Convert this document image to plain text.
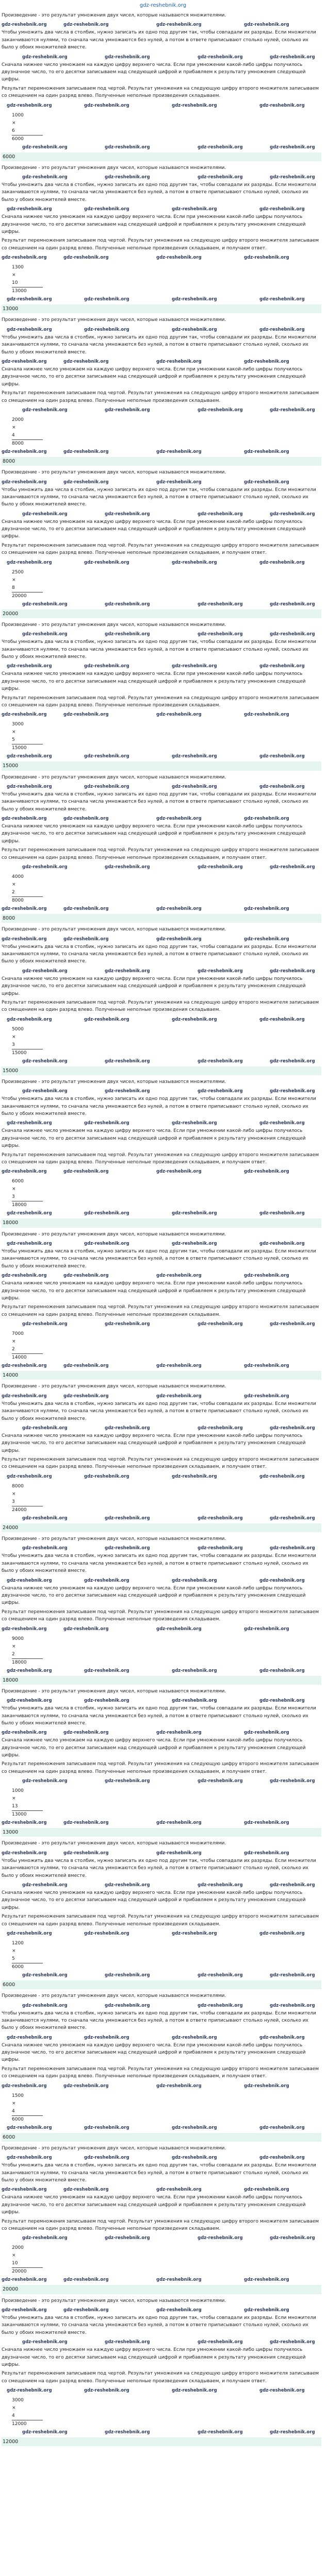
gdz-reshebnik.org

Произведение - это результат умножения двух чисел, которые называются множителями.

gdz-reshebnik.org	gdz-reshebnik.org	gdz-reshebnik.org	gdz-reshebnik.org

Чтобы умножить два числа в столбик, нужно записать их одно под другим так, чтобы совпадали их разряды. Если множители заканчиваются нулями, то сначала числа умножаются без нулей, а потом в ответе приписывают столько нулей, сколько их было у обоих множителей вместе.

gdz-reshebnik.org	gdz-reshebnik.org	gdz-reshebnik.org	gdz-reshebnik.org

Сначала нижнее число умножаем на каждую цифру верхнего числа. Если при умножении какой-либо цифры получилось двузначное число, то его десятки записываем над следующей цифрой и прибавляем к результату умножения следующей цифры.

Результат перемножения записываем под чертой. Результат умножения на следующую цифру второго множителя записываем со смещением на один разряд влево. Полученные неполные произведения складываем.

gdz-reshebnik.org	gdz-reshebnik.org	gdz-reshebnik.org	gdz-reshebnik.org
1000
×
6
6000
gdz-reshebnik.org	gdz-reshebnik.org	gdz-reshebnik.org	gdz-reshebnik.org
6000

Произведение - это результат умножения двух чисел, которые называются множителями.

gdz-reshebnik.org	gdz-reshebnik.org	gdz-reshebnik.org	gdz-reshebnik.org

Чтобы умножить два числа в столбик, нужно записать их одно под другим так, чтобы совпадали их разряды. Если множители заканчиваются нулями, то сначала числа умножаются без нулей, а потом в ответе приписывают столько нулей, сколько их было у обоих множителей вместе.

gdz-reshebnik.org	gdz-reshebnik.org	gdz-reshebnik.org	gdz-reshebnik.org

Сначала нижнее число умножаем на каждую цифру верхнего числа. Если при умножении какой-либо цифры получилось двузначное число, то его десятки записываем над следующей цифрой и прибавляем к результату умножения следующей цифры.

Результат перемножения записываем под чертой. Результат умножения на следующую цифру второго множителя записываем со смещением на один разряд влево. Полученные неполные произведения складываем, и получаем ответ.

gdz-reshebnik.org	gdz-reshebnik.org	gdz-reshebnik.org	gdz-reshebnik.org
1300
×
10
13000
gdz-reshebnik.org	gdz-reshebnik.org	gdz-reshebnik.org	gdz-reshebnik.org
13000

Произведение - это результат умножения двух чисел, которые называются множителями.

gdz-reshebnik.org	gdz-reshebnik.org	gdz-reshebnik.org	gdz-reshebnik.org

Чтобы умножить два числа в столбик, нужно записать их одно под другим так, чтобы совпадали их разряды. Если множители заканчиваются нулями, то сначала числа умножаются без нулей, а потом в ответе приписывают столько нулей, сколько их было у обоих множителей вместе.

gdz-reshebnik.org	gdz-reshebnik.org	gdz-reshebnik.org	gdz-reshebnik.org

Сначала нижнее число умножаем на каждую цифру верхнего числа. Если при умножении какой-либо цифры получилось двузначное число, то его десятки записываем над следующей цифрой и прибавляем к результату умножения следующей цифры.

Результат перемножения записываем под чертой. Результат умножения на следующую цифру второго множителя записываем со смещением на один разряд влево. Полученные неполные произведения складываем.

gdz-reshebnik.org	gdz-reshebnik.org	gdz-reshebnik.org	gdz-reshebnik.org
2000
×
4
8000
gdz-reshebnik.org	gdz-reshebnik.org	gdz-reshebnik.org	gdz-reshebnik.org
8000

Произведение - это результат умножения двух чисел, которые называются множителями.

gdz-reshebnik.org	gdz-reshebnik.org	gdz-reshebnik.org	gdz-reshebnik.org

Чтобы умножить два числа в столбик, нужно записать их одно под другим так, чтобы совпадали их разряды. Если множители заканчиваются нулями, то сначала числа умножаются без нулей, а потом в ответе приписывают столько нулей, сколько их было у обоих множителей вместе.

gdz-reshebnik.org	gdz-reshebnik.org	gdz-reshebnik.org	gdz-reshebnik.org

Сначала нижнее число умножаем на каждую цифру верхнего числа. Если при умножении какой-либо цифры получилось двузначное число, то его десятки записываем над следующей цифрой и прибавляем к результату умножения следующей цифры.

Результат перемножения записываем под чертой. Результат умножения на следующую цифру второго множителя записываем со смещением на один разряд влево. Полученные неполные произведения складываем, и получаем ответ.

gdz-reshebnik.org	gdz-reshebnik.org	gdz-reshebnik.org	gdz-reshebnik.org
2500
×
8
20000
gdz-reshebnik.org	gdz-reshebnik.org	gdz-reshebnik.org	gdz-reshebnik.org
20000

Произведение - это результат умножения двух чисел, которые называются множителями.

gdz-reshebnik.org	gdz-reshebnik.org	gdz-reshebnik.org	gdz-reshebnik.org

Чтобы умножить два числа в столбик, нужно записать их одно под другим так, чтобы совпадали их разряды. Если множители заканчиваются нулями, то сначала числа умножаются без нулей, а потом в ответе приписывают столько нулей, сколько их было у обоих множителей вместе.

gdz-reshebnik.org	gdz-reshebnik.org	gdz-reshebnik.org	gdz-reshebnik.org

Сначала нижнее число умножаем на каждую цифру верхнего числа. Если при умножении какой-либо цифры получилось двузначное число, то его десятки записываем над следующей цифрой и прибавляем к результату умножения следующей цифры.

Результат перемножения записываем под чертой. Результат умножения на следующую цифру второго множителя записываем со смещением на один разряд влево. Полученные неполные произведения складываем.

gdz-reshebnik.org	gdz-reshebnik.org	gdz-reshebnik.org	gdz-reshebnik.org
3000
×
5
15000
gdz-reshebnik.org	gdz-reshebnik.org	gdz-reshebnik.org	gdz-reshebnik.org
15000

Произведение - это результат умножения двух чисел, которые называются множителями.

gdz-reshebnik.org	gdz-reshebnik.org	gdz-reshebnik.org	gdz-reshebnik.org

Чтобы умножить два числа в столбик, нужно записать их одно под другим так, чтобы совпадали их разряды. Если множители заканчиваются нулями, то сначала числа умножаются без нулей, а потом в ответе приписывают столько нулей, сколько их было у обоих множителей вместе.

gdz-reshebnik.org	gdz-reshebnik.org	gdz-reshebnik.org	gdz-reshebnik.org

Сначала нижнее число умножаем на каждую цифру верхнего числа. Если при умножении какой-либо цифры получилось двузначное число, то его десятки записываем над следующей цифрой и прибавляем к результату умножения следующей цифры.

Результат перемножения записываем под чертой. Результат умножения на следующую цифру второго множителя записываем со смещением на один разряд влево. Полученные неполные произведения складываем, и получаем ответ.

gdz-reshebnik.org	gdz-reshebnik.org	gdz-reshebnik.org	gdz-reshebnik.org
4000
×
2
8000
gdz-reshebnik.org	gdz-reshebnik.org	gdz-reshebnik.org	gdz-reshebnik.org
8000

Произведение - это результат умножения двух чисел, которые называются множителями.

gdz-reshebnik.org	gdz-reshebnik.org	gdz-reshebnik.org	gdz-reshebnik.org

Чтобы умножить два числа в столбик, нужно записать их одно под другим так, чтобы совпадали их разряды. Если множители заканчиваются нулями, то сначала числа умножаются без нулей, а потом в ответе приписывают столько нулей, сколько их было у обоих множителей вместе.

gdz-reshebnik.org	gdz-reshebnik.org	gdz-reshebnik.org	gdz-reshebnik.org

Сначала нижнее число умножаем на каждую цифру верхнего числа. Если при умножении какой-либо цифры получилось двузначное число, то его десятки записываем над следующей цифрой и прибавляем к результату умножения следующей цифры.

Результат перемножения записываем под чертой. Результат умножения на следующую цифру второго множителя записываем со смещением на один разряд влево. Полученные неполные произведения складываем.

gdz-reshebnik.org	gdz-reshebnik.org	gdz-reshebnik.org	gdz-reshebnik.org
5000
×
3
15000
gdz-reshebnik.org	gdz-reshebnik.org	gdz-reshebnik.org	gdz-reshebnik.org
15000

Произведение - это результат умножения двух чисел, которые называются множителями.

gdz-reshebnik.org	gdz-reshebnik.org	gdz-reshebnik.org	gdz-reshebnik.org

Чтобы умножить два числа в столбик, нужно записать их одно под другим так, чтобы совпадали их разряды. Если множители заканчиваются нулями, то сначала числа умножаются без нулей, а потом в ответе приписывают столько нулей, сколько их было у обоих множителей вместе.

gdz-reshebnik.org	gdz-reshebnik.org	gdz-reshebnik.org	gdz-reshebnik.org

Сначала нижнее число умножаем на каждую цифру верхнего числа. Если при умножении какой-либо цифры получилось двузначное число, то его десятки записываем над следующей цифрой и прибавляем к результату умножения следующей цифры.

Результат перемножения записываем под чертой. Результат умножения на следующую цифру второго множителя записываем со смещением на один разряд влево. Полученные неполные произведения складываем, и получаем ответ.

gdz-reshebnik.org	gdz-reshebnik.org	gdz-reshebnik.org	gdz-reshebnik.org
6000
×
3
18000
gdz-reshebnik.org	gdz-reshebnik.org	gdz-reshebnik.org	gdz-reshebnik.org
18000

Произведение - это результат умножения двух чисел, которые называются множителями.

gdz-reshebnik.org	gdz-reshebnik.org	gdz-reshebnik.org	gdz-reshebnik.org

Чтобы умножить два числа в столбик, нужно записать их одно под другим так, чтобы совпадали их разряды. Если множители заканчиваются нулями, то сначала числа умножаются без нулей, а потом в ответе приписывают столько нулей, сколько их было у обоих множителей вместе.

gdz-reshebnik.org	gdz-reshebnik.org	gdz-reshebnik.org	gdz-reshebnik.org

Сначала нижнее число умножаем на каждую цифру верхнего числа. Если при умножении какой-либо цифры получилось двузначное число, то его десятки записываем над следующей цифрой и прибавляем к результату умножения следующей цифры.

Результат перемножения записываем под чертой. Результат умножения на следующую цифру второго множителя записываем со смещением на один разряд влево. Полученные неполные произведения складываем.

gdz-reshebnik.org	gdz-reshebnik.org	gdz-reshebnik.org	gdz-reshebnik.org
7000
×
2
14000
gdz-reshebnik.org	gdz-reshebnik.org	gdz-reshebnik.org	gdz-reshebnik.org
14000

Произведение - это результат умножения двух чисел, которые называются множителями.

gdz-reshebnik.org	gdz-reshebnik.org	gdz-reshebnik.org	gdz-reshebnik.org

Чтобы умножить два числа в столбик, нужно записать их одно под другим так, чтобы совпадали их разряды. Если множители заканчиваются нулями, то сначала числа умножаются без нулей, а потом в ответе приписывают столько нулей, сколько их было у обоих множителей вместе.

gdz-reshebnik.org	gdz-reshebnik.org	gdz-reshebnik.org	gdz-reshebnik.org

Сначала нижнее число умножаем на каждую цифру верхнего числа. Если при умножении какой-либо цифры получилось двузначное число, то его десятки записываем над следующей цифрой и прибавляем к результату умножения следующей цифры.

Результат перемножения записываем под чертой. Результат умножения на следующую цифру второго множителя записываем со смещением на один разряд влево. Полученные неполные произведения складываем, и получаем ответ.

gdz-reshebnik.org	gdz-reshebnik.org	gdz-reshebnik.org	gdz-reshebnik.org
8000
×
3
24000
gdz-reshebnik.org	gdz-reshebnik.org	gdz-reshebnik.org	gdz-reshebnik.org
24000

Произведение - это результат умножения двух чисел, которые называются множителями.

gdz-reshebnik.org	gdz-reshebnik.org	gdz-reshebnik.org	gdz-reshebnik.org

Чтобы умножить два числа в столбик, нужно записать их одно под другим так, чтобы совпадали их разряды. Если множители заканчиваются нулями, то сначала числа умножаются без нулей, а потом в ответе приписывают столько нулей, сколько их было у обоих множителей вместе.

gdz-reshebnik.org	gdz-reshebnik.org	gdz-reshebnik.org	gdz-reshebnik.org

Сначала нижнее число умножаем на каждую цифру верхнего числа. Если при умножении какой-либо цифры получилось двузначное число, то его десятки записываем над следующей цифрой и прибавляем к результату умножения следующей цифры.

Результат перемножения записываем под чертой. Результат умножения на следующую цифру второго множителя записываем со смещением на один разряд влево. Полученные неполные произведения складываем.

gdz-reshebnik.org	gdz-reshebnik.org	gdz-reshebnik.org	gdz-reshebnik.org
9000
×
2
18000
gdz-reshebnik.org	gdz-reshebnik.org	gdz-reshebnik.org	gdz-reshebnik.org
18000

Произведение - это результат умножения двух чисел, которые называются множителями.

gdz-reshebnik.org	gdz-reshebnik.org	gdz-reshebnik.org	gdz-reshebnik.org

Чтобы умножить два числа в столбик, нужно записать их одно под другим так, чтобы совпадали их разряды. Если множители заканчиваются нулями, то сначала числа умножаются без нулей, а потом в ответе приписывают столько нулей, сколько их было у обоих множителей вместе.

gdz-reshebnik.org	gdz-reshebnik.org	gdz-reshebnik.org	gdz-reshebnik.org

Сначала нижнее число умножаем на каждую цифру верхнего числа. Если при умножении какой-либо цифры получилось двузначное число, то его десятки записываем над следующей цифрой и прибавляем к результату умножения следующей цифры.

Результат перемножения записываем под чертой. Результат умножения на следующую цифру второго множителя записываем со смещением на один разряд влево. Полученные неполные произведения складываем, и получаем ответ.

gdz-reshebnik.org	gdz-reshebnik.org	gdz-reshebnik.org	gdz-reshebnik.org
1000
×
13
13000
gdz-reshebnik.org	gdz-reshebnik.org	gdz-reshebnik.org	gdz-reshebnik.org
13000

Произведение - это результат умножения двух чисел, которые называются множителями.

gdz-reshebnik.org	gdz-reshebnik.org	gdz-reshebnik.org	gdz-reshebnik.org

Чтобы умножить два числа в столбик, нужно записать их одно под другим так, чтобы совпадали их разряды. Если множители заканчиваются нулями, то сначала числа умножаются без нулей, а потом в ответе приписывают столько нулей, сколько их было у обоих множителей вместе.

gdz-reshebnik.org	gdz-reshebnik.org	gdz-reshebnik.org	gdz-reshebnik.org

Сначала нижнее число умножаем на каждую цифру верхнего числа. Если при умножении какой-либо цифры получилось двузначное число, то его десятки записываем над следующей цифрой и прибавляем к результату умножения следующей цифры.

Результат перемножения записываем под чертой. Результат умножения на следующую цифру второго множителя записываем со смещением на один разряд влево. Полученные неполные произведения складываем.

gdz-reshebnik.org	gdz-reshebnik.org	gdz-reshebnik.org	gdz-reshebnik.org
1200
×
5
6000
gdz-reshebnik.org	gdz-reshebnik.org	gdz-reshebnik.org	gdz-reshebnik.org
6000

Произведение - это результат умножения двух чисел, которые называются множителями.

gdz-reshebnik.org	gdz-reshebnik.org	gdz-reshebnik.org	gdz-reshebnik.org

Чтобы умножить два числа в столбик, нужно записать их одно под другим так, чтобы совпадали их разряды. Если множители заканчиваются нулями, то сначала числа умножаются без нулей, а потом в ответе приписывают столько нулей, сколько их было у обоих множителей вместе.

gdz-reshebnik.org	gdz-reshebnik.org	gdz-reshebnik.org	gdz-reshebnik.org

Сначала нижнее число умножаем на каждую цифру верхнего числа. Если при умножении какой-либо цифры получилось двузначное число, то его десятки записываем над следующей цифрой и прибавляем к результату умножения следующей цифры.

Результат перемножения записываем под чертой. Результат умножения на следующую цифру второго множителя записываем со смещением на один разряд влево. Полученные неполные произведения складываем, и получаем ответ.

gdz-reshebnik.org	gdz-reshebnik.org	gdz-reshebnik.org	gdz-reshebnik.org
1500
×
4
6000
gdz-reshebnik.org	gdz-reshebnik.org	gdz-reshebnik.org	gdz-reshebnik.org
6000

Произведение - это результат умножения двух чисел, которые называются множителями.

gdz-reshebnik.org	gdz-reshebnik.org	gdz-reshebnik.org	gdz-reshebnik.org

Чтобы умножить два числа в столбик, нужно записать их одно под другим так, чтобы совпадали их разряды. Если множители заканчиваются нулями, то сначала числа умножаются без нулей, а потом в ответе приписывают столько нулей, сколько их было у обоих множителей вместе.

gdz-reshebnik.org	gdz-reshebnik.org	gdz-reshebnik.org	gdz-reshebnik.org

Сначала нижнее число умножаем на каждую цифру верхнего числа. Если при умножении какой-либо цифры получилось двузначное число, то его десятки записываем над следующей цифрой и прибавляем к результату умножения следующей цифры.

Результат перемножения записываем под чертой. Результат умножения на следующую цифру второго множителя записываем со смещением на один разряд влево. Полученные неполные произведения складываем.

gdz-reshebnik.org	gdz-reshebnik.org	gdz-reshebnik.org	gdz-reshebnik.org
2000
×
10
20000
gdz-reshebnik.org	gdz-reshebnik.org	gdz-reshebnik.org	gdz-reshebnik.org
20000

Произведение - это результат умножения двух чисел, которые называются множителями.

gdz-reshebnik.org	gdz-reshebnik.org	gdz-reshebnik.org	gdz-reshebnik.org

Чтобы умножить два числа в столбик, нужно записать их одно под другим так, чтобы совпадали их разряды. Если множители заканчиваются нулями, то сначала числа умножаются без нулей, а потом в ответе приписывают столько нулей, сколько их было у обоих множителей вместе.

gdz-reshebnik.org	gdz-reshebnik.org	gdz-reshebnik.org	gdz-reshebnik.org

Сначала нижнее число умножаем на каждую цифру верхнего числа. Если при умножении какой-либо цифры получилось двузначное число, то его десятки записываем над следующей цифрой и прибавляем к результату умножения следующей цифры.

Результат перемножения записываем под чертой. Результат умножения на следующую цифру второго множителя записываем со смещением на один разряд влево. Полученные неполные произведения складываем, и получаем ответ.

gdz-reshebnik.org	gdz-reshebnik.org	gdz-reshebnik.org	gdz-reshebnik.org
3000
×
4
12000
gdz-reshebnik.org	gdz-reshebnik.org	gdz-reshebnik.org	gdz-reshebnik.org
12000
